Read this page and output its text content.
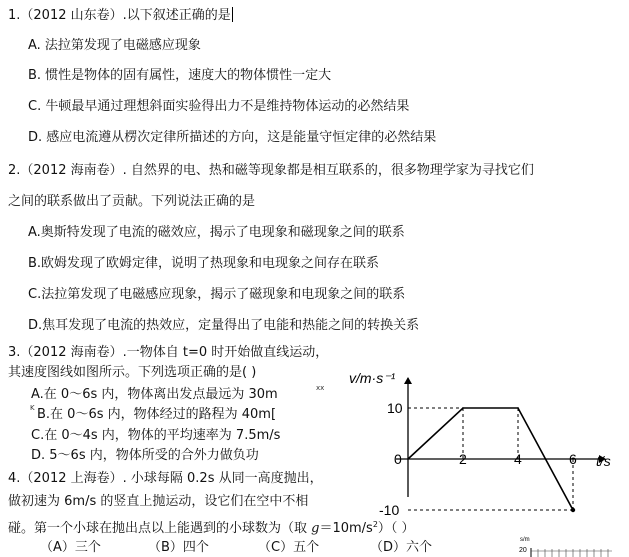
1.（2012 山东卷）.以下叙述正确的是
A. 法拉第发现了电磁感应现象
B. 惯性是物体的固有属性，速度大的物体惯性一定大
C. 牛顿最早通过理想斜面实验得出力不是维持物体运动的必然结果
D. 感应电流遵从楞次定律所描述的方向，这是能量守恒定律的必然结果
2.（2012 海南卷）. 自然界的电、热和磁等现象都是相互联系的，很多物理学家为寻找它们
之间的联系做出了贡献。下列说法正确的是
A.奥斯特发现了电流的磁效应，揭示了电现象和磁现象之间的联系
B.欧姆发现了欧姆定律，说明了热现象和电现象之间存在联系
C.法拉第发现了电磁感应现象，揭示了磁现象和电现象之间的联系
D.焦耳发现了电流的热效应，定量得出了电能和热能之间的转换关系
3.（2012 海南卷）.一物体自 t=0 时开始做直线运动，
其速度图线如图所示。下列选项正确的是( )
A.在 0～6s 内，物体离出发点最远为 30m	xx
K B.在 0～6s 内，物体经过的路程为 40m[
C.在 0～4s 内，物体的平均速率为 7.5m/s
D. 5～6s 内，物体所受的合外力做负功
4.（2012 上海卷）. 小球每隔 0.2s 从同一高度抛出，
做初速为 6m/s 的竖直上抛运动，设它们在空中不相
碰。第一个小球在抛出点以上能遇到的小球数为（取 $g=10m/s^2$）（ ）
（A）三个	（B）四个	（C）五个	（D）六个
v/m·s⁻¹
t/s
0	2	4	6
10
-10
s/m
20
